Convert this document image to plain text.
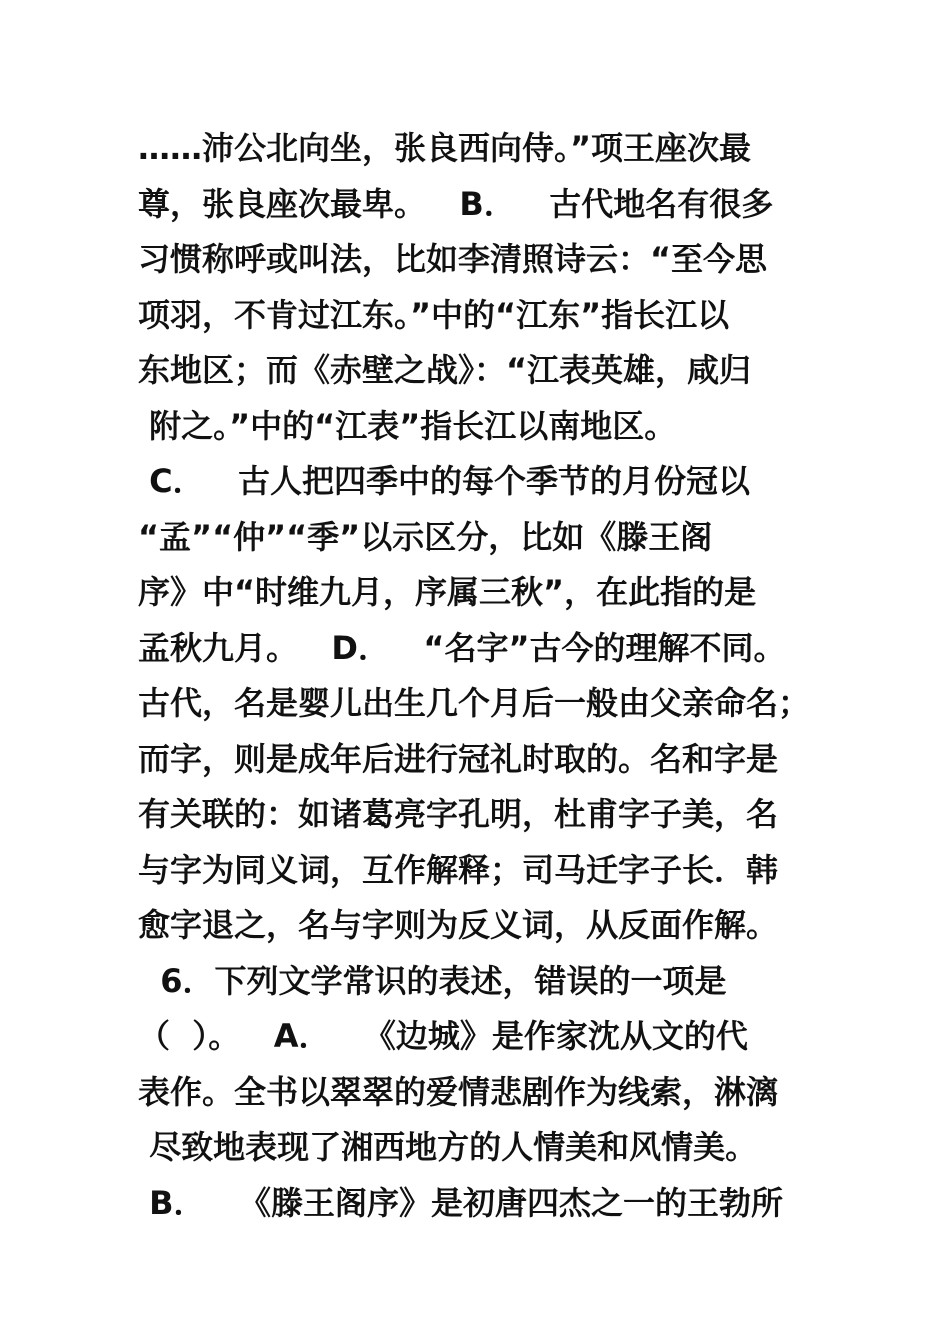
……沛公北向坐，张良西向侍。”项王座次最
尊，张良座次最卑。   B．   古代地名有很多
习惯称呼或叫法，比如李清照诗云：“至今思
项羽，不肯过江东。”中的“江东”指长江以
东地区；而《赤壁之战》：“江表英雄，咸归
附之。”中的“江表”指长江以南地区。
C．   古人把四季中的每个季节的月份冠以
“孟”“仲”“季”以示区分，比如《滕王阁
序》中“时维九月，序属三秋”，在此指的是
孟秋九月。   D．   “名字”古今的理解不同。
古代，名是婴儿出生几个月后一般由父亲命名；
而字，则是成年后进行冠礼时取的。名和字是
有关联的：如诸葛亮字孔明，杜甫字子美，名
与字为同义词，互作解释；司马迁字子长．韩
愈字退之，名与字则为反义词，从反面作解。
6．下列文学常识的表述，错误的一项是
（  ）。   A．   《边城》是作家沈从文的代
表作。全书以翠翠的爱情悲剧作为线索，淋漓
尽致地表现了湘西地方的人情美和风情美。
B．   《滕王阁序》是初唐四杰之一的王勃所
